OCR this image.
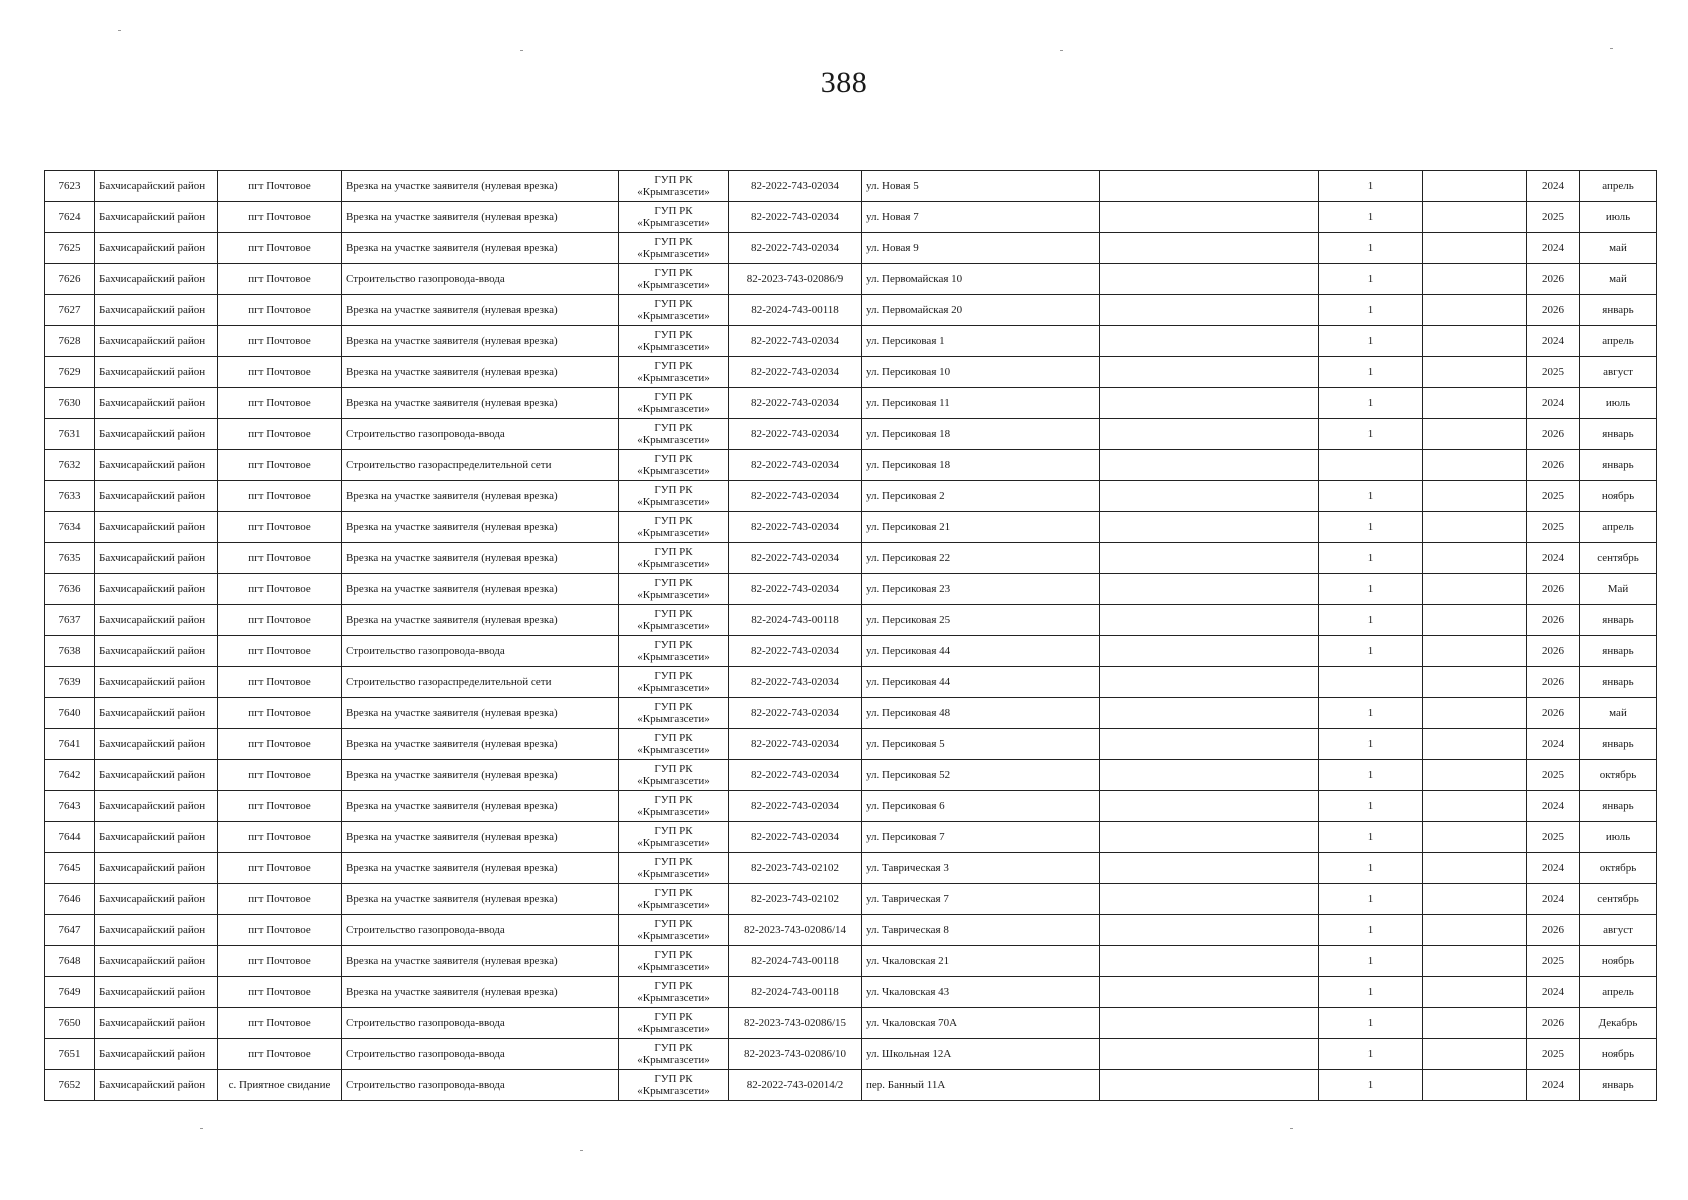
388
7623	Бахчисарайский район	пгт Почтовое	Врезка на участке заявителя (нулевая врезка)	ГУП РК «Крымгазсети»	82-2022-743-02034	ул. Новая 5		1		2024	апрель
7624	Бахчисарайский район	пгт Почтовое	Врезка на участке заявителя (нулевая врезка)	ГУП РК «Крымгазсети»	82-2022-743-02034	ул. Новая 7		1		2025	июль
7625	Бахчисарайский район	пгт Почтовое	Врезка на участке заявителя (нулевая врезка)	ГУП РК «Крымгазсети»	82-2022-743-02034	ул. Новая 9		1		2024	май
7626	Бахчисарайский район	пгт Почтовое	Строительство газопровода-ввода	ГУП РК «Крымгазсети»	82-2023-743-02086/9	ул. Первомайская 10		1		2026	май
7627	Бахчисарайский район	пгт Почтовое	Врезка на участке заявителя (нулевая врезка)	ГУП РК «Крымгазсети»	82-2024-743-00118	ул. Первомайская 20		1		2026	январь
7628	Бахчисарайский район	пгт Почтовое	Врезка на участке заявителя (нулевая врезка)	ГУП РК «Крымгазсети»	82-2022-743-02034	ул. Персиковая 1		1		2024	апрель
7629	Бахчисарайский район	пгт Почтовое	Врезка на участке заявителя (нулевая врезка)	ГУП РК «Крымгазсети»	82-2022-743-02034	ул. Персиковая 10		1		2025	август
7630	Бахчисарайский район	пгт Почтовое	Врезка на участке заявителя (нулевая врезка)	ГУП РК «Крымгазсети»	82-2022-743-02034	ул. Персиковая 11		1		2024	июль
7631	Бахчисарайский район	пгт Почтовое	Строительство газопровода-ввода	ГУП РК «Крымгазсети»	82-2022-743-02034	ул. Персиковая 18		1		2026	январь
7632	Бахчисарайский район	пгт Почтовое	Строительство газораспределительной сети	ГУП РК «Крымгазсети»	82-2022-743-02034	ул. Персиковая 18				2026	январь
7633	Бахчисарайский район	пгт Почтовое	Врезка на участке заявителя (нулевая врезка)	ГУП РК «Крымгазсети»	82-2022-743-02034	ул. Персиковая 2		1		2025	ноябрь
7634	Бахчисарайский район	пгт Почтовое	Врезка на участке заявителя (нулевая врезка)	ГУП РК «Крымгазсети»	82-2022-743-02034	ул. Персиковая 21		1		2025	апрель
7635	Бахчисарайский район	пгт Почтовое	Врезка на участке заявителя (нулевая врезка)	ГУП РК «Крымгазсети»	82-2022-743-02034	ул. Персиковая 22		1		2024	сентябрь
7636	Бахчисарайский район	пгт Почтовое	Врезка на участке заявителя (нулевая врезка)	ГУП РК «Крымгазсети»	82-2022-743-02034	ул. Персиковая 23		1		2026	Май
7637	Бахчисарайский район	пгт Почтовое	Врезка на участке заявителя (нулевая врезка)	ГУП РК «Крымгазсети»	82-2024-743-00118	ул. Персиковая 25		1		2026	январь
7638	Бахчисарайский район	пгт Почтовое	Строительство газопровода-ввода	ГУП РК «Крымгазсети»	82-2022-743-02034	ул. Персиковая 44		1		2026	январь
7639	Бахчисарайский район	пгт Почтовое	Строительство газораспределительной сети	ГУП РК «Крымгазсети»	82-2022-743-02034	ул. Персиковая 44				2026	январь
7640	Бахчисарайский район	пгт Почтовое	Врезка на участке заявителя (нулевая врезка)	ГУП РК «Крымгазсети»	82-2022-743-02034	ул. Персиковая 48		1		2026	май
7641	Бахчисарайский район	пгт Почтовое	Врезка на участке заявителя (нулевая врезка)	ГУП РК «Крымгазсети»	82-2022-743-02034	ул. Персиковая 5		1		2024	январь
7642	Бахчисарайский район	пгт Почтовое	Врезка на участке заявителя (нулевая врезка)	ГУП РК «Крымгазсети»	82-2022-743-02034	ул. Персиковая 52		1		2025	октябрь
7643	Бахчисарайский район	пгт Почтовое	Врезка на участке заявителя (нулевая врезка)	ГУП РК «Крымгазсети»	82-2022-743-02034	ул. Персиковая 6		1		2024	январь
7644	Бахчисарайский район	пгт Почтовое	Врезка на участке заявителя (нулевая врезка)	ГУП РК «Крымгазсети»	82-2022-743-02034	ул. Персиковая 7		1		2025	июль
7645	Бахчисарайский район	пгт Почтовое	Врезка на участке заявителя (нулевая врезка)	ГУП РК «Крымгазсети»	82-2023-743-02102	ул. Таврическая 3		1		2024	октябрь
7646	Бахчисарайский район	пгт Почтовое	Врезка на участке заявителя (нулевая врезка)	ГУП РК «Крымгазсети»	82-2023-743-02102	ул. Таврическая 7		1		2024	сентябрь
7647	Бахчисарайский район	пгт Почтовое	Строительство газопровода-ввода	ГУП РК «Крымгазсети»	82-2023-743-02086/14	ул. Таврическая 8		1		2026	август
7648	Бахчисарайский район	пгт Почтовое	Врезка на участке заявителя (нулевая врезка)	ГУП РК «Крымгазсети»	82-2024-743-00118	ул. Чкаловская 21		1		2025	ноябрь
7649	Бахчисарайский район	пгт Почтовое	Врезка на участке заявителя (нулевая врезка)	ГУП РК «Крымгазсети»	82-2024-743-00118	ул. Чкаловская 43		1		2024	апрель
7650	Бахчисарайский район	пгт Почтовое	Строительство газопровода-ввода	ГУП РК «Крымгазсети»	82-2023-743-02086/15	ул. Чкаловская 70А		1		2026	Декабрь
7651	Бахчисарайский район	пгт Почтовое	Строительство газопровода-ввода	ГУП РК «Крымгазсети»	82-2023-743-02086/10	ул. Школьная 12А		1		2025	ноябрь
7652	Бахчисарайский район	с. Приятное свидание	Строительство газопровода-ввода	ГУП РК «Крымгазсети»	82-2022-743-02014/2	пер. Банный 11А		1		2024	январь
